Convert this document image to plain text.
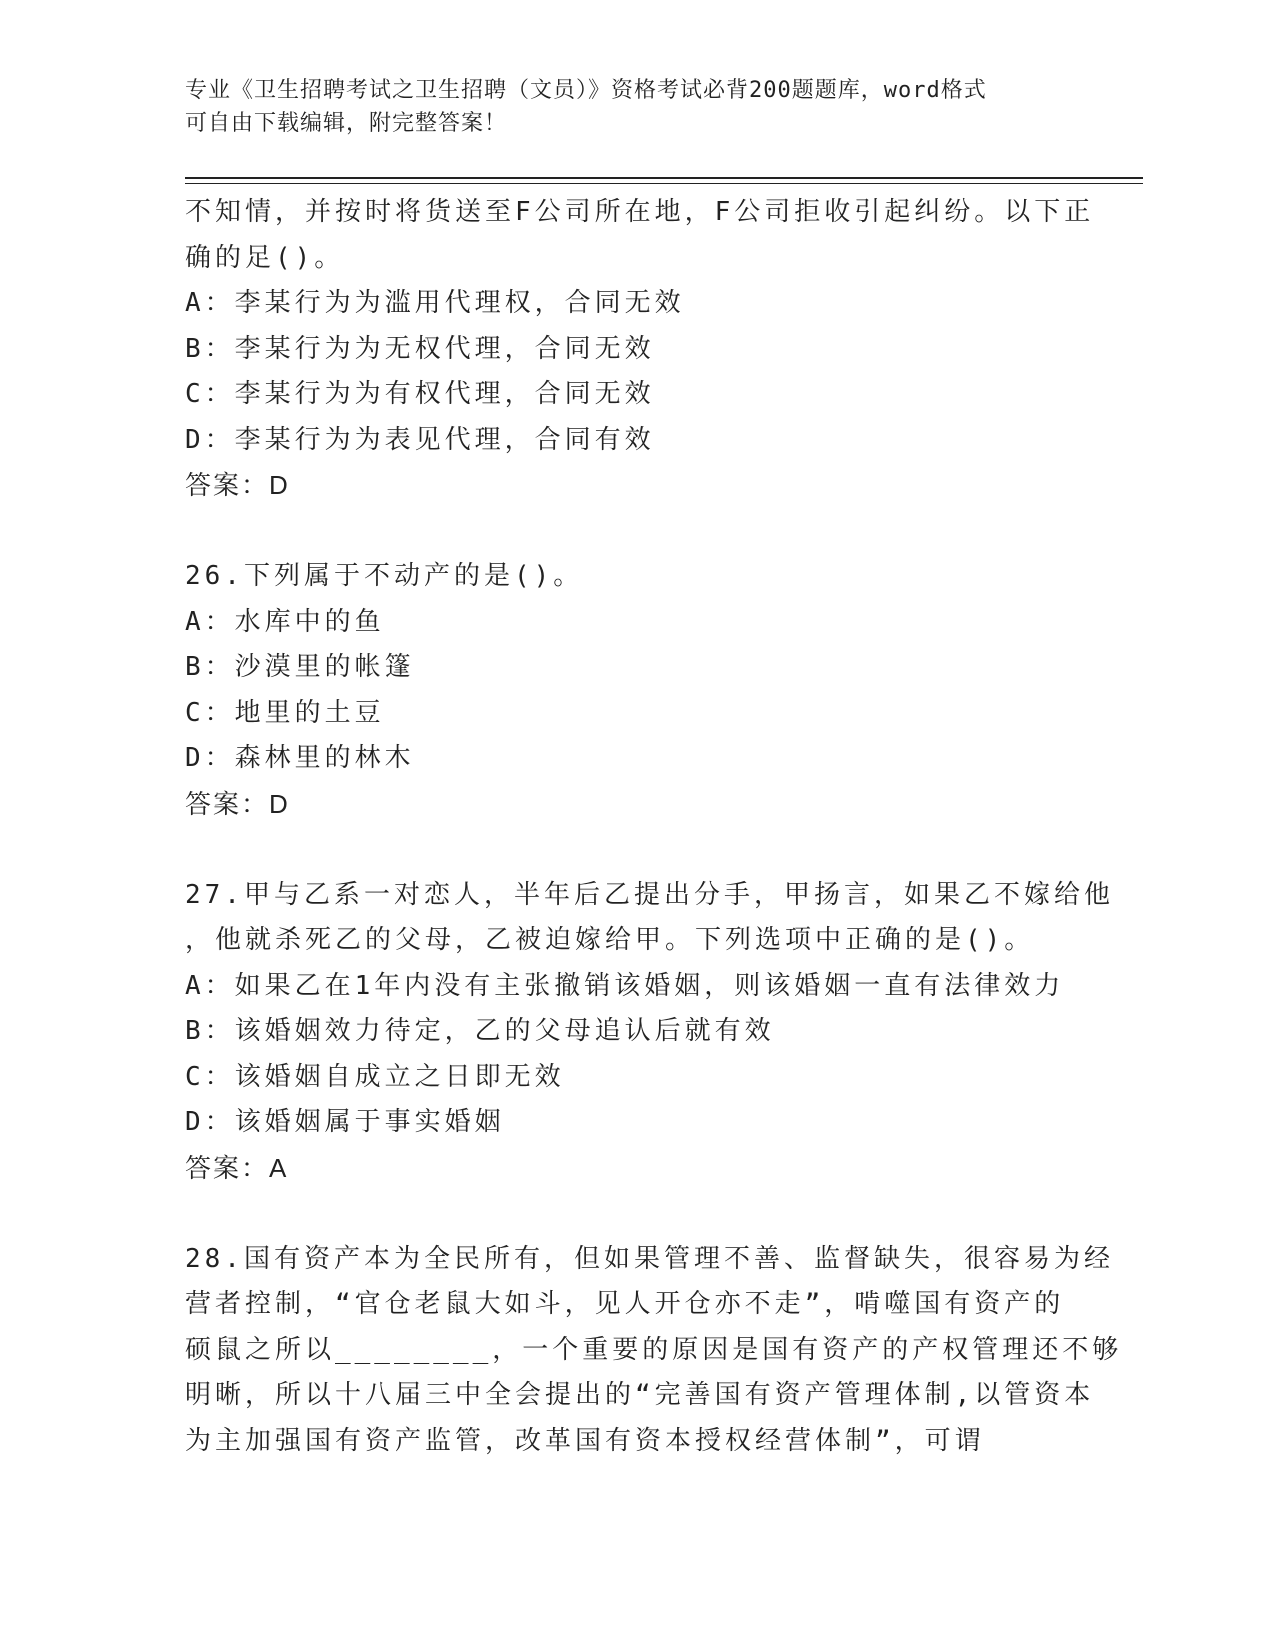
专业《卫生招聘考试之卫生招聘（文员）》资格考试必背200题题库，word格式
可自由下载编辑，附完整答案！
不知情，并按时将货送至F公司所在地，F公司拒收引起纠纷。以下正
确的足()。
A：李某行为为滥用代理权，合同无效
B：李某行为为无权代理，合同无效
C：李某行为为有权代理，合同无效
D：李某行为为表见代理，合同有效
答案：D
26.下列属于不动产的是()。
A：水库中的鱼
B：沙漠里的帐篷
C：地里的土豆
D：森林里的林木
答案：D
27.甲与乙系一对恋人，半年后乙提出分手，甲扬言，如果乙不嫁给他
，他就杀死乙的父母，乙被迫嫁给甲。下列选项中正确的是()。
A：如果乙在1年内没有主张撤销该婚姻，则该婚姻一直有法律效力
B：该婚姻效力待定，乙的父母追认后就有效
C：该婚姻自成立之日即无效
D：该婚姻属于事实婚姻
答案：A
28.国有资产本为全民所有，但如果管理不善、监督缺失，很容易为经
营者控制，“官仓老鼠大如斗，见人开仓亦不走”，啃噬国有资产的
硕鼠之所以________，一个重要的原因是国有资产的产权管理还不够
明晰，所以十八届三中全会提出的“完善国有资产管理体制,以管资本
为主加强国有资产监管，改革国有资本授权经营体制”，可谓
